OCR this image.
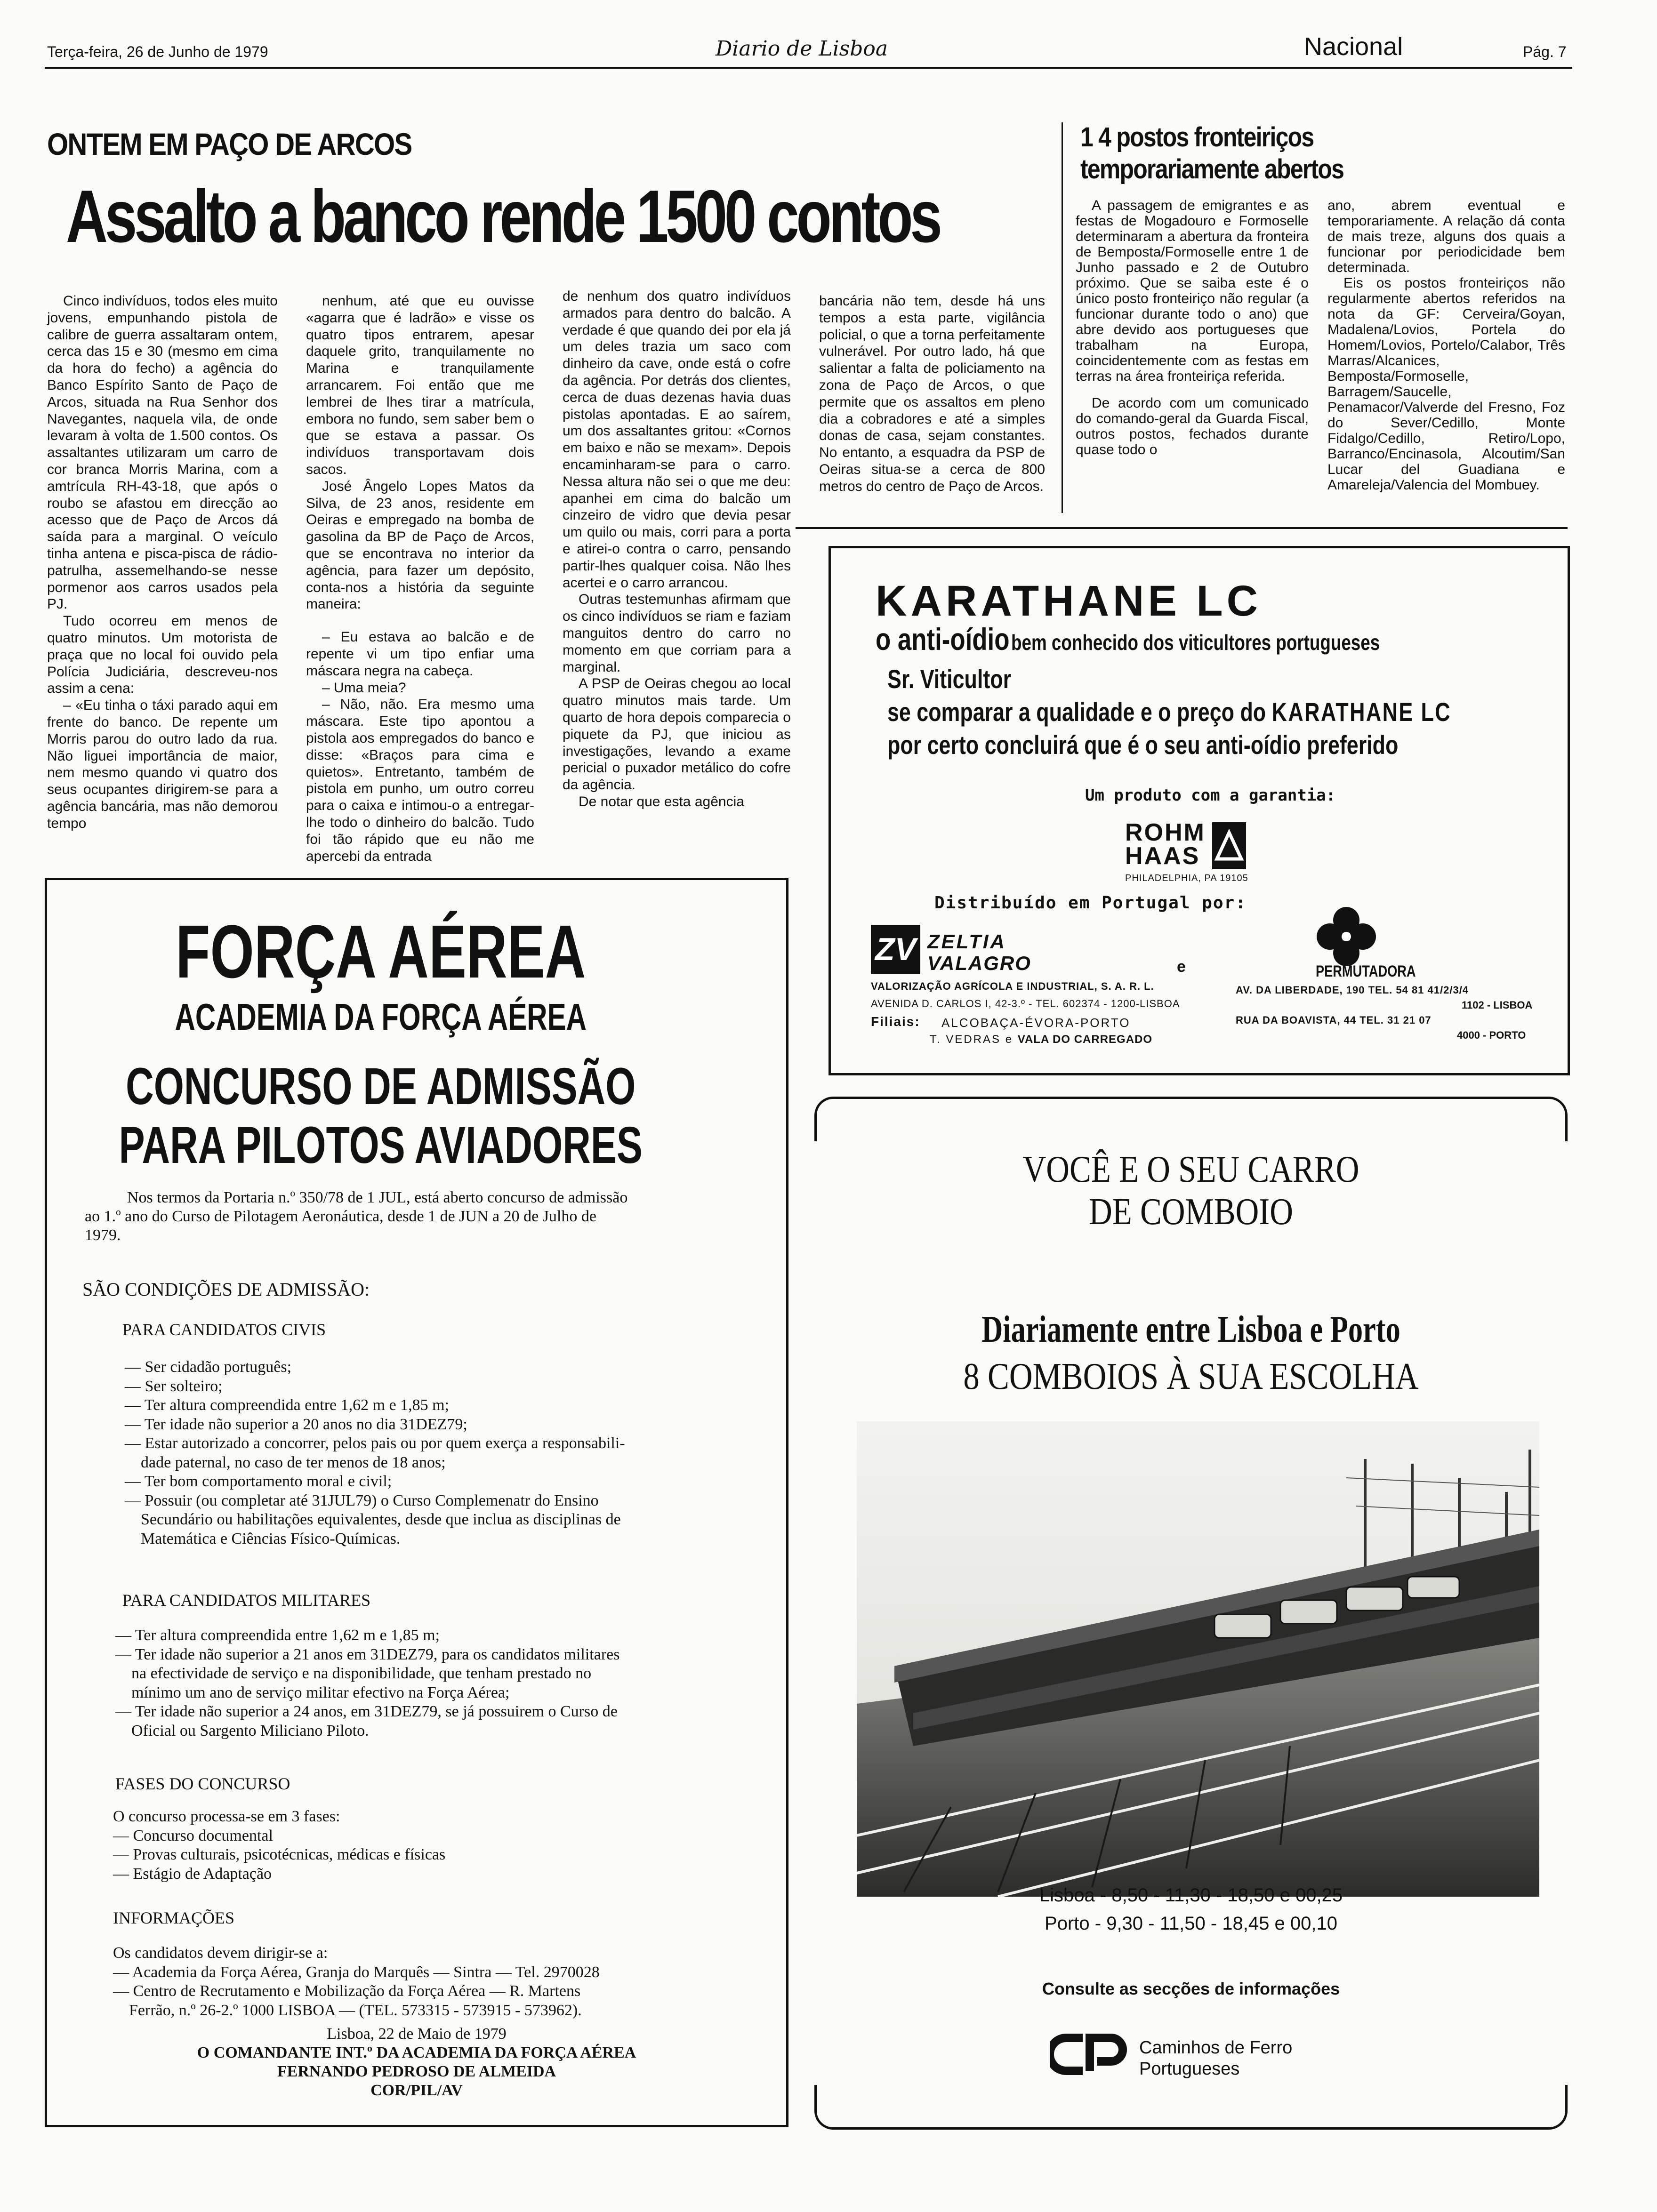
Terça-feira, 26 de Junho de 1979	Diario de Lisboa	Nacional	Pág. 7
ONTEM EM PAÇO DE ARCOS
Assalto a banco rende 1500 contos

Cinco indivíduos, todos eles muito jovens, empunhando pistola de calibre de guerra assaltaram ontem, cerca das 15 e 30 (mesmo em cima da hora do fecho) a agência do Banco Espírito Santo de Paço de Arcos, situada na Rua Senhor dos Navegantes, naquela vila, de onde levaram à volta de 1.500 contos. Os assaltantes utilizaram um carro de cor branca Morris Marina, com a amtrícula RH-43-18, que após o roubo se afastou em direcção ao acesso que de Paço de Arcos dá saída para a marginal. O veículo tinha antena e pisca-pisca de rádio-patrulha, assemelhando-se nesse pormenor aos carros usados pela PJ.

Tudo ocorreu em menos de quatro minutos. Um motorista de praça que no local foi ouvido pela Polícia Judiciária, descreveu-nos assim a cena:

– «Eu tinha o táxi parado aqui em frente do banco. De repente um Morris parou do outro lado da rua. Não liguei importância de maior, nem mesmo quando vi quatro dos seus ocupantes dirigirem-se para a agência bancária, mas não demorou tempo

nenhum, até que eu ouvisse «agarra que é ladrão» e visse os quatro tipos entrarem, apesar daquele grito, tranquilamente no Marina e tranquilamente arrancarem. Foi então que me lembrei de lhes tirar a matrícula, embora no fundo, sem saber bem o que se estava a passar. Os indivíduos transportavam dois sacos.

José Ângelo Lopes Matos da Silva, de 23 anos, residente em Oeiras e empregado na bomba de gasolina da BP de Paço de Arcos, que se encontrava no interior da agência, para fazer um depósito, conta-nos a história da seguinte maneira:

– Eu estava ao balcão e de repente vi um tipo enfiar uma máscara negra na cabeça.

– Uma meia?

– Não, não. Era mesmo uma máscara. Este tipo apontou a pistola aos empregados do banco e disse: «Braços para cima e quietos». Entretanto, também de pistola em punho, um outro correu para o caixa e intimou-o a entregar-lhe todo o dinheiro do balcão. Tudo foi tão rápido que eu não me apercebi da entrada

de nenhum dos quatro indivíduos armados para dentro do balcão. A verdade é que quando dei por ela já um deles trazia um saco com dinheiro da cave, onde está o cofre da agência. Por detrás dos clientes, cerca de duas dezenas havia duas pistolas apontadas. E ao saírem, um dos assaltantes gritou: «Cornos em baixo e não se mexam». Depois encaminharam-se para o carro. Nessa altura não sei o que me deu: apanhei em cima do balcão um cinzeiro de vidro que devia pesar um quilo ou mais, corri para a porta e atirei-o contra o carro, pensando partir-lhes qualquer coisa. Não lhes acertei e o carro arrancou.

Outras testemunhas afirmam que os cinco indivíduos se riam e faziam manguitos dentro do carro no momento em que corriam para a marginal.

A PSP de Oeiras chegou ao local quatro minutos mais tarde. Um quarto de hora depois comparecia o piquete da PJ, que iniciou as investigações, levando a exame pericial o puxador metálico do cofre da agência.

De notar que esta agência

bancária não tem, desde há uns tempos a esta parte, vigilância policial, o que a torna perfeitamente vulnerável. Por outro lado, há que salientar a falta de policiamento na zona de Paço de Arcos, o que permite que os assaltos em pleno dia a cobradores e até a simples donas de casa, sejam constantes. No entanto, a esquadra da PSP de Oeiras situa-se a cerca de 800 metros do centro de Paço de Arcos.

1 4 postos fronteiriços
temporariamente abertos

A passagem de emigrantes e as festas de Mogadouro e Formoselle determinaram a abertura da fronteira de Bemposta/Formoselle entre 1 de Junho passado e 2 de Outubro próximo. Que se saiba este é o único posto fronteiriço não regular (a funcionar durante todo o ano) que abre devido aos portugueses que trabalham na Europa, coincidentemente com as festas em terras na área fronteiriça referida.

De acordo com um comunicado do comando-geral da Guarda Fiscal, outros postos, fechados durante quase todo o

ano, abrem eventual e temporariamente. A relação dá conta de mais treze, alguns dos quais a funcionar por periodicidade bem determinada.

Eis os postos fronteiriços não regularmente abertos referidos na nota da GF: Cerveira/Goyan, Madalena/Lovios, Portela do Homem/Lovios, Portelo/Calabor, Três Marras/Alcanices, Bemposta/Formoselle, Barragem/Saucelle, Penamacor/Valverde del Fresno, Foz do Sever/Cedillo, Monte Fidalgo/Cedillo, Retiro/Lopo, Barranco/Encinasola, Alcoutim/San Lucar del Guadiana e Amareleja/Valencia del Mombuey.

KARATHANE LC
o anti-oídio bem conhecido dos viticultores portugueses
Sr. Viticultor
se comparar a qualidade e o preço do KARATHANE LC
por certo concluirá que é o seu anti-oídio preferido
Um produto com a garantia:
ROHM
HAAS
PHILADELPHIA, PA 19105
Distribuído em Portugal por:
ZV ZELTIA
VALAGRO	e
VALORIZAÇÃO AGRÍCOLA E INDUSTRIAL, S. A. R. L.
AVENIDA D. CARLOS I, 42-3.º - TEL. 602374 - 1200-LISBOA
Filiais: ALCOBAÇA-ÉVORA-PORTO
T. VEDRAS e VALA DO CARREGADO
PERMUTADORA
AV. DA LIBERDADE, 190 TEL. 54 81 41/2/3/4
1102 - LISBOA
RUA DA BOAVISTA, 44 TEL. 31 21 07
4000 - PORTO
FORÇA AÉREA
ACADEMIA DA FORÇA AÉREA
CONCURSO DE ADMISSÃO
PARA PILOTOS AVIADORES
Nos termos da Portaria n.º 350/78 de 1 JUL, está aberto concurso de admissão
ao 1.º ano do Curso de Pilotagem Aeronáutica, desde 1 de JUN a 20 de Julho de
1979.
SÃO CONDIÇÕES DE ADMISSÃO:
PARA CANDIDATOS CIVIS
— Ser cidadão português;
— Ser solteiro;
— Ter altura compreendida entre 1,62 m e 1,85 m;
— Ter idade não superior a 20 anos no dia 31DEZ79;
— Estar autorizado a concorrer, pelos pais ou por quem exerça a responsabili-
dade paternal, no caso de ter menos de 18 anos;
— Ter bom comportamento moral e civil;
— Possuir (ou completar até 31JUL79) o Curso Complemenatr do Ensino
Secundário ou habilitações equivalentes, desde que inclua as disciplinas de
Matemática e Ciências Físico-Químicas.
PARA CANDIDATOS MILITARES
— Ter altura compreendida entre 1,62 m e 1,85 m;
— Ter idade não superior a 21 anos em 31DEZ79, para os candidatos militares
na efectividade de serviço e na disponibilidade, que tenham prestado no
mínimo um ano de serviço militar efectivo na Força Aérea;
— Ter idade não superior a 24 anos, em 31DEZ79, se já possuirem o Curso de
Oficial ou Sargento Miliciano Piloto.
FASES DO CONCURSO
O concurso processa-se em 3 fases:
— Concurso documental
— Provas culturais, psicotécnicas, médicas e físicas
— Estágio de Adaptação
INFORMAÇÕES
Os candidatos devem dirigir-se a:
— Academia da Força Aérea, Granja do Marquês — Sintra — Tel. 2970028
— Centro de Recrutamento e Mobilização da Força Aérea — R. Martens
Ferrão, n.º 26-2.º 1000 LISBOA — (TEL. 573315 - 573915 - 573962).
Lisboa, 22 de Maio de 1979
O COMANDANTE INT.º DA ACADEMIA DA FORÇA AÉREA
FERNANDO PEDROSO DE ALMEIDA
COR/PIL/AV
VOCÊ E O SEU CARRO
DE COMBOIO
Diariamente entre Lisboa e Porto
8 COMBOIOS À SUA ESCOLHA
Lisboa - 8,50 - 11,30 - 18,50 e 00,25
Porto - 9,30 - 11,50 - 18,45 e 00,10
Consulte as secções de informações
Caminhos de Ferro
Portugueses
